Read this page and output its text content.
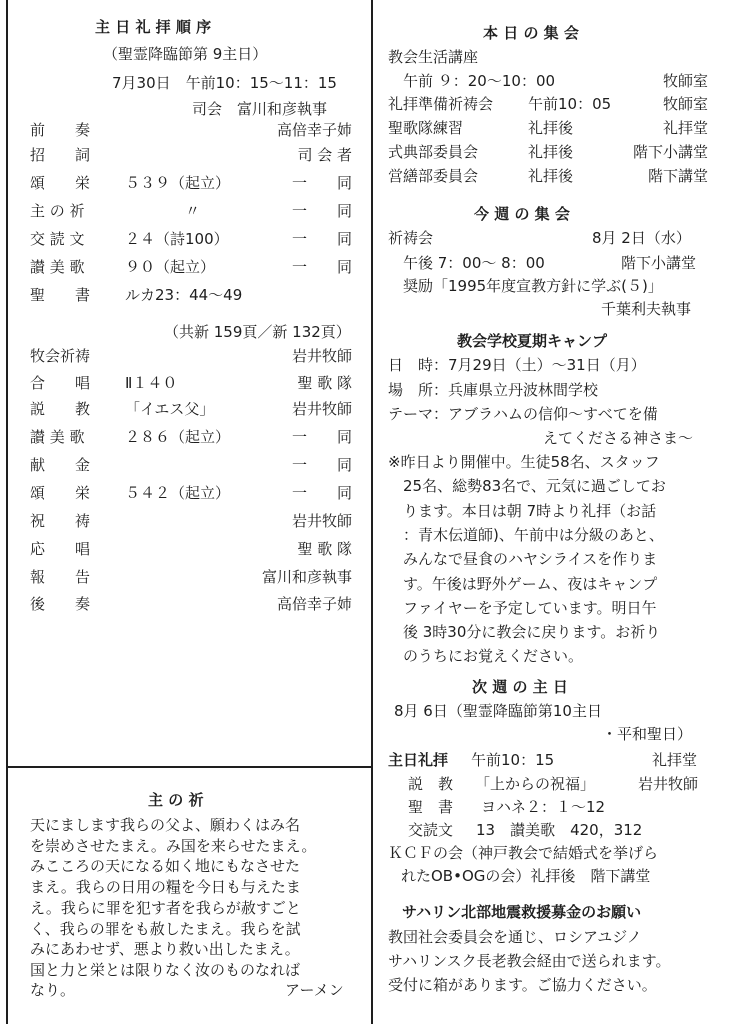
主 日 礼 拝 順 序
（聖霊降臨節第 9主日）
7月30日　午前10：15〜11：15
司会　富川和彦執事
前　　奏	高倍幸子姉
招　　詞	司 会 者
頌　　栄 ５３９（起立）	一　　同
主 の 祈	　　　　〃	一　　同
交 読 文	２４（詩100）	一　　同
讃 美 歌	９０（起立）	一　　同
聖　　書 ルカ23：44〜49
（共新 159頁／新 132頁）
牧会祈祷	岩井牧師
合　　唱 Ⅱ１４０	聖 歌 隊
説　　教 「イエス父」	岩井牧師
讃 美 歌	２８６（起立）	一　　同
献　　金	一　　同
頌　　栄 ５４２（起立）	一　　同
祝　　祷	岩井牧師
応　　唱	聖 歌 隊
報　　告	富川和彦執事
後　　奏	高倍幸子姉
主 の 祈
天にまします我らの父よ、願わくはみ名
を崇めさせたまえ。み国を来らせたまえ。
みこころの天になる如く地にもなさせた
まえ。我らの日用の糧を今日も与えたま
え。我らに罪を犯す者を我らが赦すごと
く、我らの罪をも赦したまえ。我らを試
みにあわせず、悪より救い出したまえ。
国と力と栄とは限りなく汝のものなれば
なり。	アーメン
本 日 の 集 会
教会生活講座
　午前 ９：20〜10：00	牧師室
礼拝準備祈祷会 午前10：05	牧師室
聖歌隊練習	礼拝後	礼拝堂
式典部委員会	礼拝後	階下小講堂
営繕部委員会	礼拝後	階下講堂
今 週 の 集 会
祈祷会	8月 2日（水）
　午後 7：00〜 8：00	階下小講堂
　奨励「1995年度宣教方針に学ぶ(５)」
千葉利夫執事
教会学校夏期キャンプ
日　時：7月29日（土）〜31日（月）
場　所：兵庫県立丹波林間学校
テーマ：アブラハムの信仰〜すべてを備
えてくださる神さま〜
※昨日より開催中。生徒58名、スタッフ
　25名、総勢83名で、元気に過ごしてお
　ります。本日は朝 7時より礼拝（お話
　：青木伝道師)、午前中は分級のあと、
　みんなで昼食のハヤシライスを作りま
　す。午後は野外ゲーム、夜はキャンプ
　ファイヤーを予定しています。明日午
　後 3時30分に教会に戻ります。お祈り
　のうちにお覚えください。
次 週 の 主 日
8月 6日（聖霊降臨節第10主日
・平和聖日）
主日礼拝 午前10：15	礼拝堂
説　教 「上からの祝福」	岩井牧師
聖　書 ヨハネ２：１〜12
交読文 13　讃美歌　420，312
ＫＣＦの会（神戸教会で結婚式を挙げら
れたOB•OGの会）礼拝後　階下講堂
サハリン北部地震救援募金のお願い
教団社会委員会を通じ、ロシアユジノ
サハリンスク長老教会経由で送られます。
受付に箱があります。ご協力ください。
